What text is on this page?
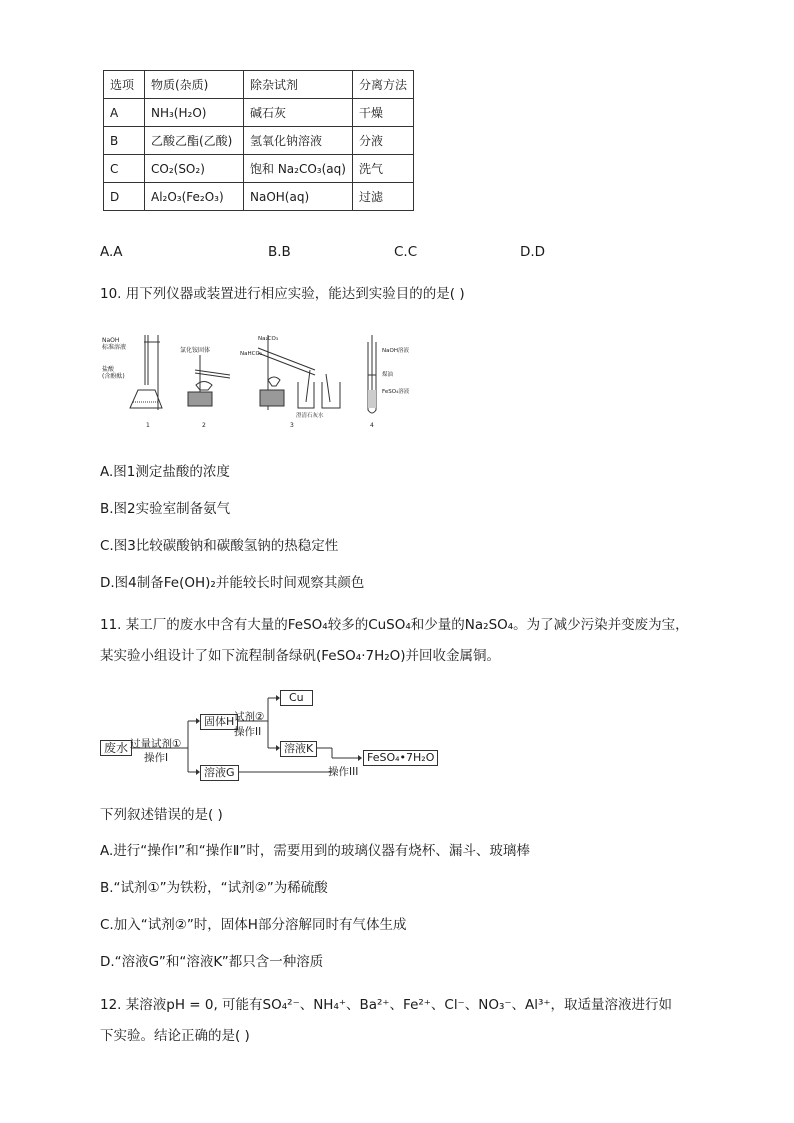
选项	物质(杂质)	除杂试剂	分离方法
A	NH₃(H₂O)	碱石灰	干燥
B	乙酸乙酯(乙酸)	氢氧化钠溶液	分液
C	CO₂(SO₂)	饱和 Na₂CO₃(aq)	洗气
D	Al₂O₃(Fe₂O₃)	NaOH(aq)	过滤
A.A	B.B	C.C	D.D
10. 用下列仪器或装置进行相应实验，能达到实验目的的是( )
NaOH
标准溶液
盐酸
(含酚酞)
1
氯化铵固体
2
Na₂CO₃
NaHCO₃
澄清石灰水
3
NaOH溶液
煤油
FeSO₄溶液
4
A.图1测定盐酸的浓度
B.图2实验室制备氨气
C.图3比较碳酸钠和碳酸氢钠的热稳定性
D.图4制备Fe(OH)₂并能较长时间观察其颜色
11. 某工厂的废水中含有大量的FeSO₄较多的CuSO₄和少量的Na₂SO₄。为了减少污染并变废为宝，
某实验小组设计了如下流程制备绿矾(FeSO₄·7H₂O)并回收金属铜。
废水 过量试剂①
操作I
固体H 试剂②
操作II
Cu
溶液K
溶液G	操作III
FeSO₄•7H₂O
下列叙述错误的是( )
A.进行“操作I”和“操作Ⅱ”时，需要用到的玻璃仪器有烧杯、漏斗、玻璃棒
B.“试剂①”为铁粉，“试剂②”为稀硫酸
C.加入“试剂②”时，固体H部分溶解同时有气体生成
D.“溶液G”和“溶液K”都只含一种溶质
12. 某溶液pH = 0, 可能有SO₄²⁻、NH₄⁺、Ba²⁺、Fe²⁺、Cl⁻、NO₃⁻、Al³⁺，取适量溶液进行如
下实验。结论正确的是( )
